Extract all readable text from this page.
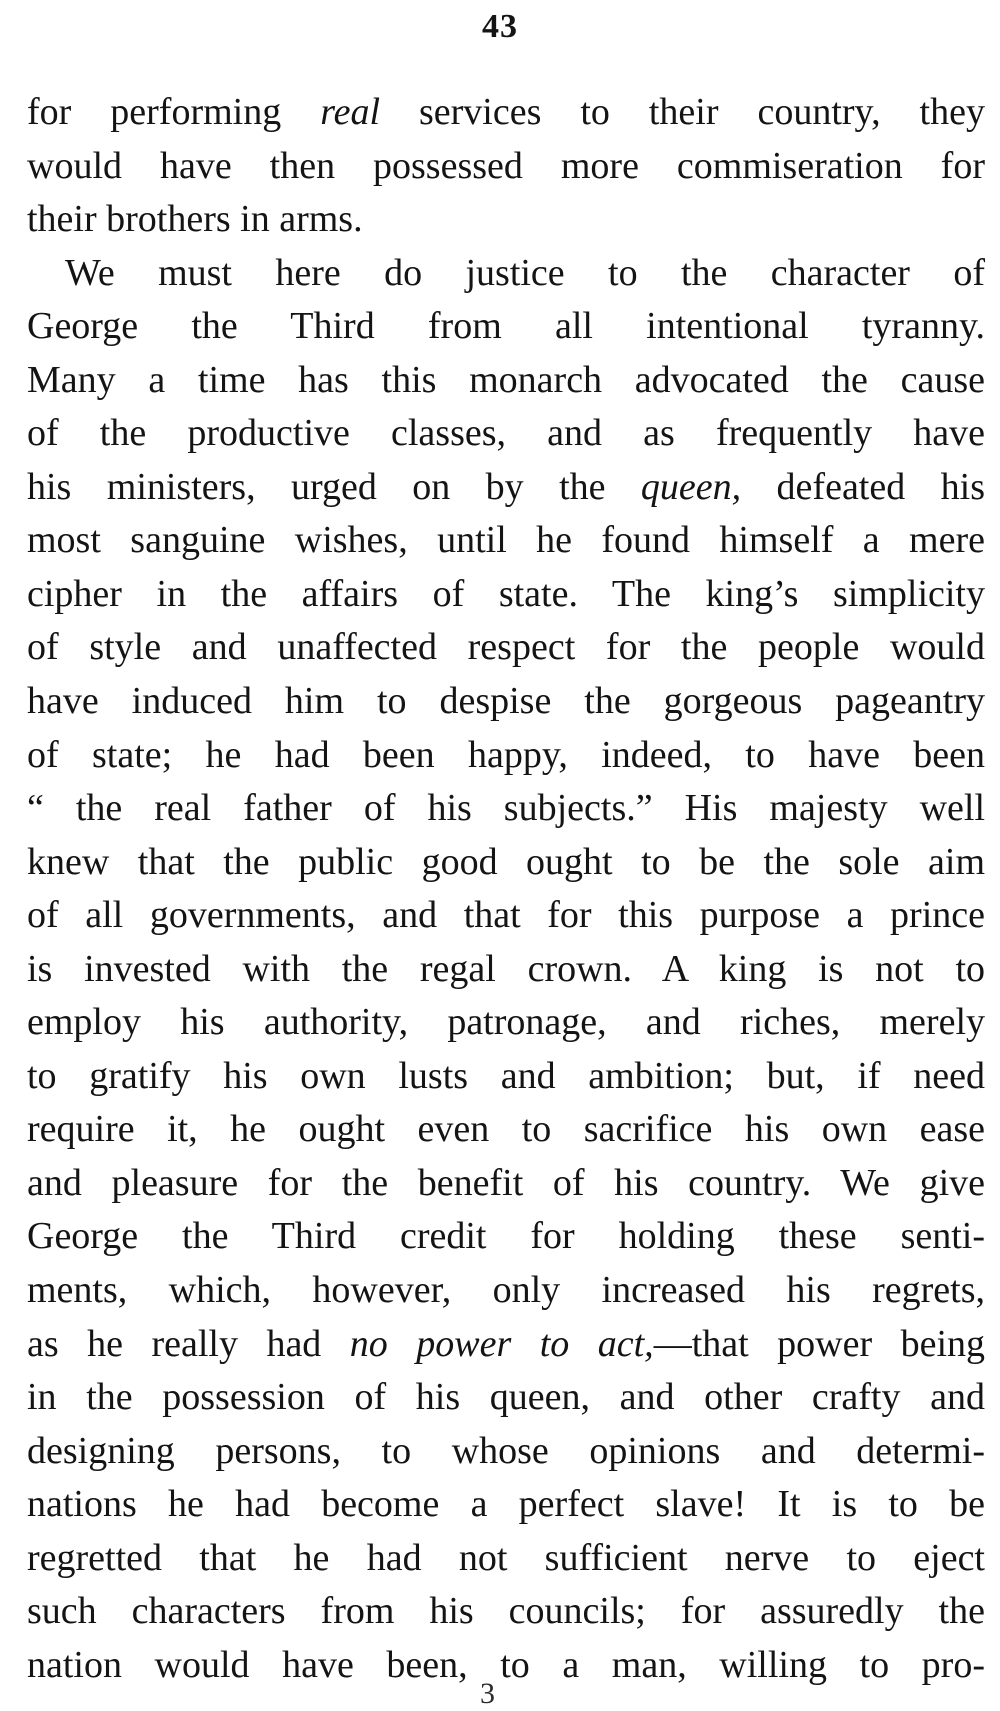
43
for performing real services to their country, they
would have then possessed more commiseration for
their brothers in arms.
We must here do justice to the character of
George the Third from all intentional tyranny.
Many a time has this monarch advocated the cause
of the productive classes, and as frequently have
his ministers, urged on by the queen, defeated his
most sanguine wishes, until he found himself a mere
cipher in the affairs of state. The king’s simplicity
of style and unaffected respect for the people would
have induced him to despise the gorgeous pageantry
of state; he had been happy, indeed, to have been
“ the real father of his subjects.” His majesty well
knew that the public good ought to be the sole aim
of all governments, and that for this purpose a prince
is invested with the regal crown. A king is not to
employ his authority, patronage, and riches, merely
to gratify his own lusts and ambition; but, if need
require it, he ought even to sacrifice his own ease
and pleasure for the benefit of his country. We give
George the Third credit for holding these senti-
ments, which, however, only increased his regrets,
as he really had no power to act,—that power being
in the possession of his queen, and other crafty and
designing persons, to whose opinions and determi-
nations he had become a perfect slave! It is to be
regretted that he had not sufficient nerve to eject
such characters from his councils; for assuredly the
nation would have been, to a man, willing to pro-
3
